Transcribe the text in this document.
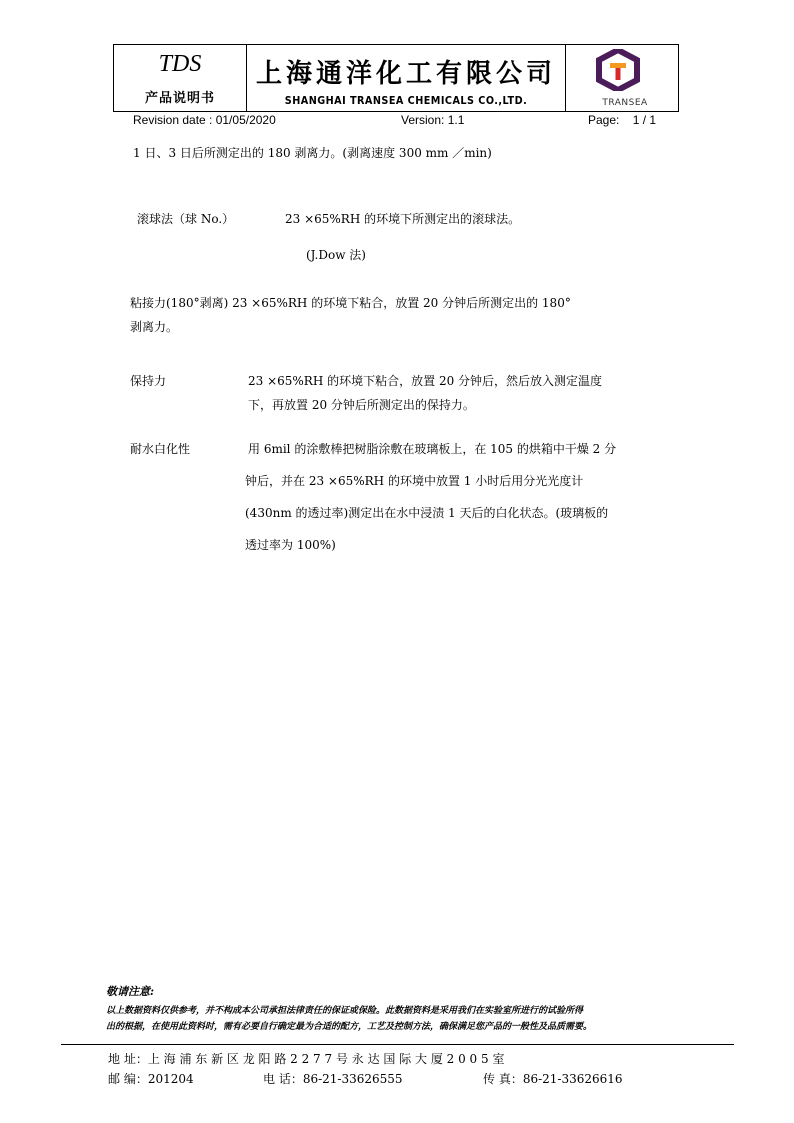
TDS
产品说明书
上海通洋化工有限公司
SHANGHAI TRANSEA CHEMICALS CO.,LTD.	TRANSEA
Revision date : 01/05/2020	Version: 1.1	Page:    1 / 1
1 日、3 日后所测定出的 180 剥离力。(剥离速度 300 mm ／min)
滚球法（球 No.）	23 ×65%RH 的环境下所测定出的滚球法。
(J.Dow 法)
粘接力(180°剥离) 23 ×65%RH 的环境下粘合，放置 20 分钟后所测定出的 180°
剥离力。
保持力	23 ×65%RH 的环境下粘合，放置 20 分钟后，然后放入测定温度
下，再放置 20 分钟后所测定出的保持力。
耐水白化性	用 6mil 的涂敷棒把树脂涂敷在玻璃板上，在 105 的烘箱中干燥 2 分
钟后，并在 23 ×65%RH 的环境中放置 1 小时后用分光光度计
(430nm 的透过率)测定出在水中浸渍 1 天后的白化状态。(玻璃板的
透过率为 100%)
敬请注意:
以上数据资料仅供参考，并不构成本公司承担法律责任的保证或保险。此数据资料是采用我们在实验室所进行的试验所得
出的根据，在使用此资料时，需有必要自行确定最为合适的配方，工艺及控制方法，确保满足您产品的一般性及品质需要。
地 址：上 海 浦 东 新 区 龙 阳 路 2 2 7 7 号 永 达 国 际 大 厦 2 0 0 5 室
邮 编：201204	电 话：86-21-33626555	传 真：86-21-33626616
